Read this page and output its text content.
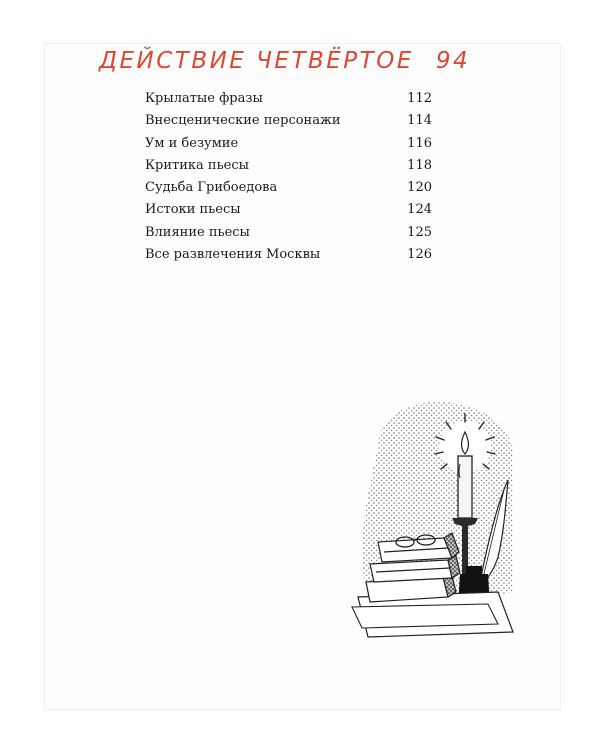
ДЕЙСТВИЕ ЧЕТВЁРТОЕ 94
Крылатые фразы	112
Внесценические персонажи	114
Ум и безумие	116
Критика пьесы	118
Судьба Грибоедова	120
Истоки пьесы	124
Влияние пьесы	125
Все развлечения Москвы	126
